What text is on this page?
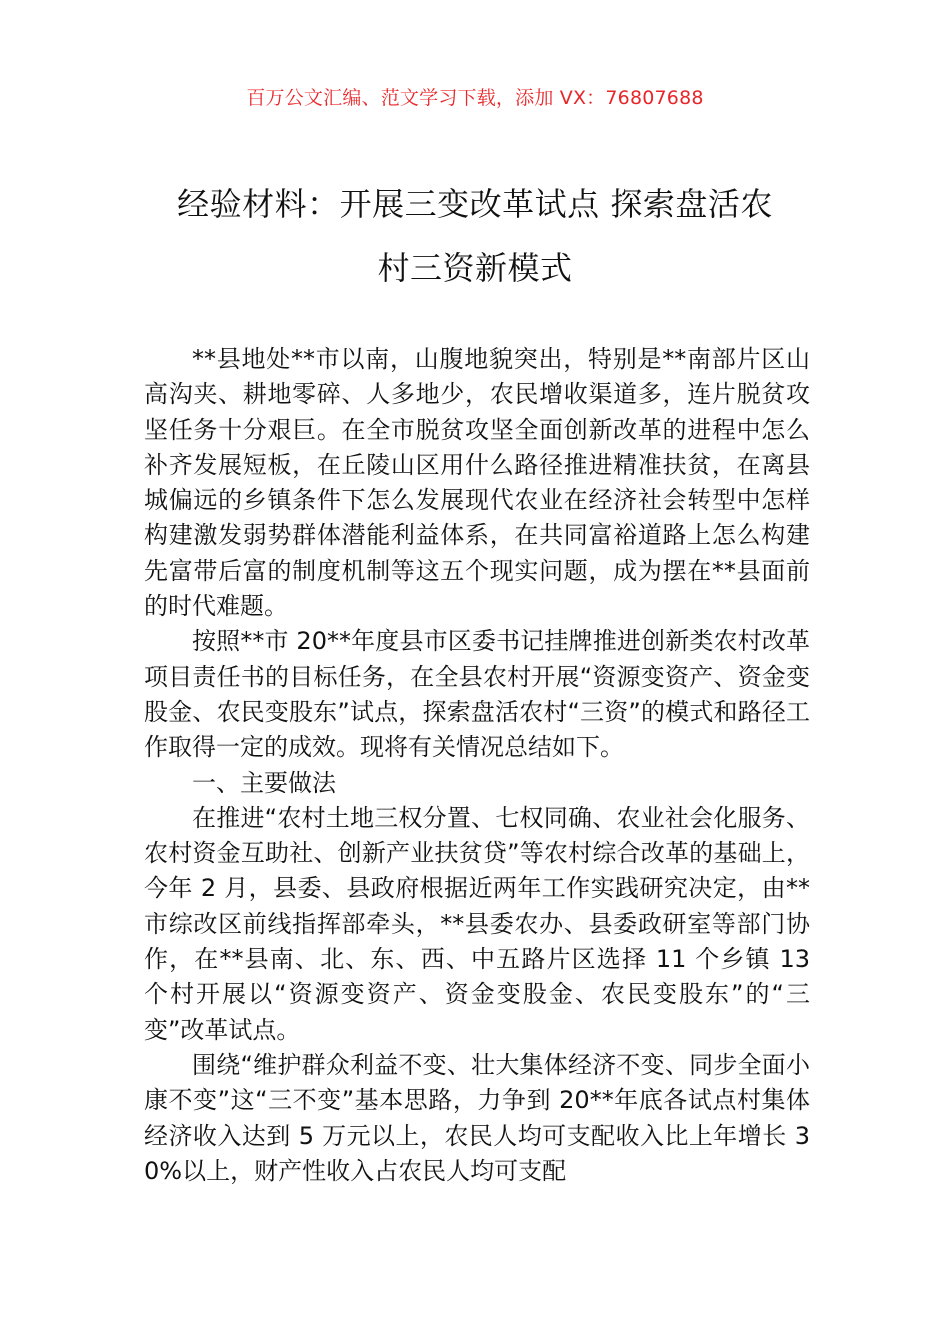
百万公文汇编、范文学习下载，添加 VX：76807688
经验材料：开展三变改革试点 探索盘活农
村三资新模式

**县地处**市以南，山腹地貌突出，特别是**南部片区山高沟夹、耕地零碎、人多地少，农民增收渠道多，连片脱贫攻坚任务十分艰巨。在全市脱贫攻坚全面创新改革的进程中怎么补齐发展短板，在丘陵山区用什么路径推进精准扶贫，在离县城偏远的乡镇条件下怎么发展现代农业在经济社会转型中怎样构建激发弱势群体潜能利益体系，在共同富裕道路上怎么构建先富带后富的制度机制等这五个现实问题，成为摆在**县面前的时代难题。

按照**市 20**年度县市区委书记挂牌推进创新类农村改革项目责任书的目标任务，在全县农村开展“资源变资产、资金变股金、农民变股东”试点，探索盘活农村“三资”的模式和路径工作取得一定的成效。现将有关情况总结如下。

一、主要做法

在推进“农村土地三权分置、七权同确、农业社会化服务、农村资金互助社、创新产业扶贫贷”等农村综合改革的基础上，今年 2 月，县委、县政府根据近两年工作实践研究决定，由**市综改区前线指挥部牵头，**县委农办、县委政研室等部门协作，在**县南、北、东、西、中五路片区选择 11 个乡镇 13 个村开展以“资源变资产、资金变股金、农民变股东”的“三变”改革试点。

围绕“维护群众利益不变、壮大集体经济不变、同步全面小康不变”这“三不变”基本思路，力争到 20**年底各试点村集体经济收入达到 5 万元以上，农民人均可支配收入比上年增长 30%以上，财产性收入占农民人均可支配
